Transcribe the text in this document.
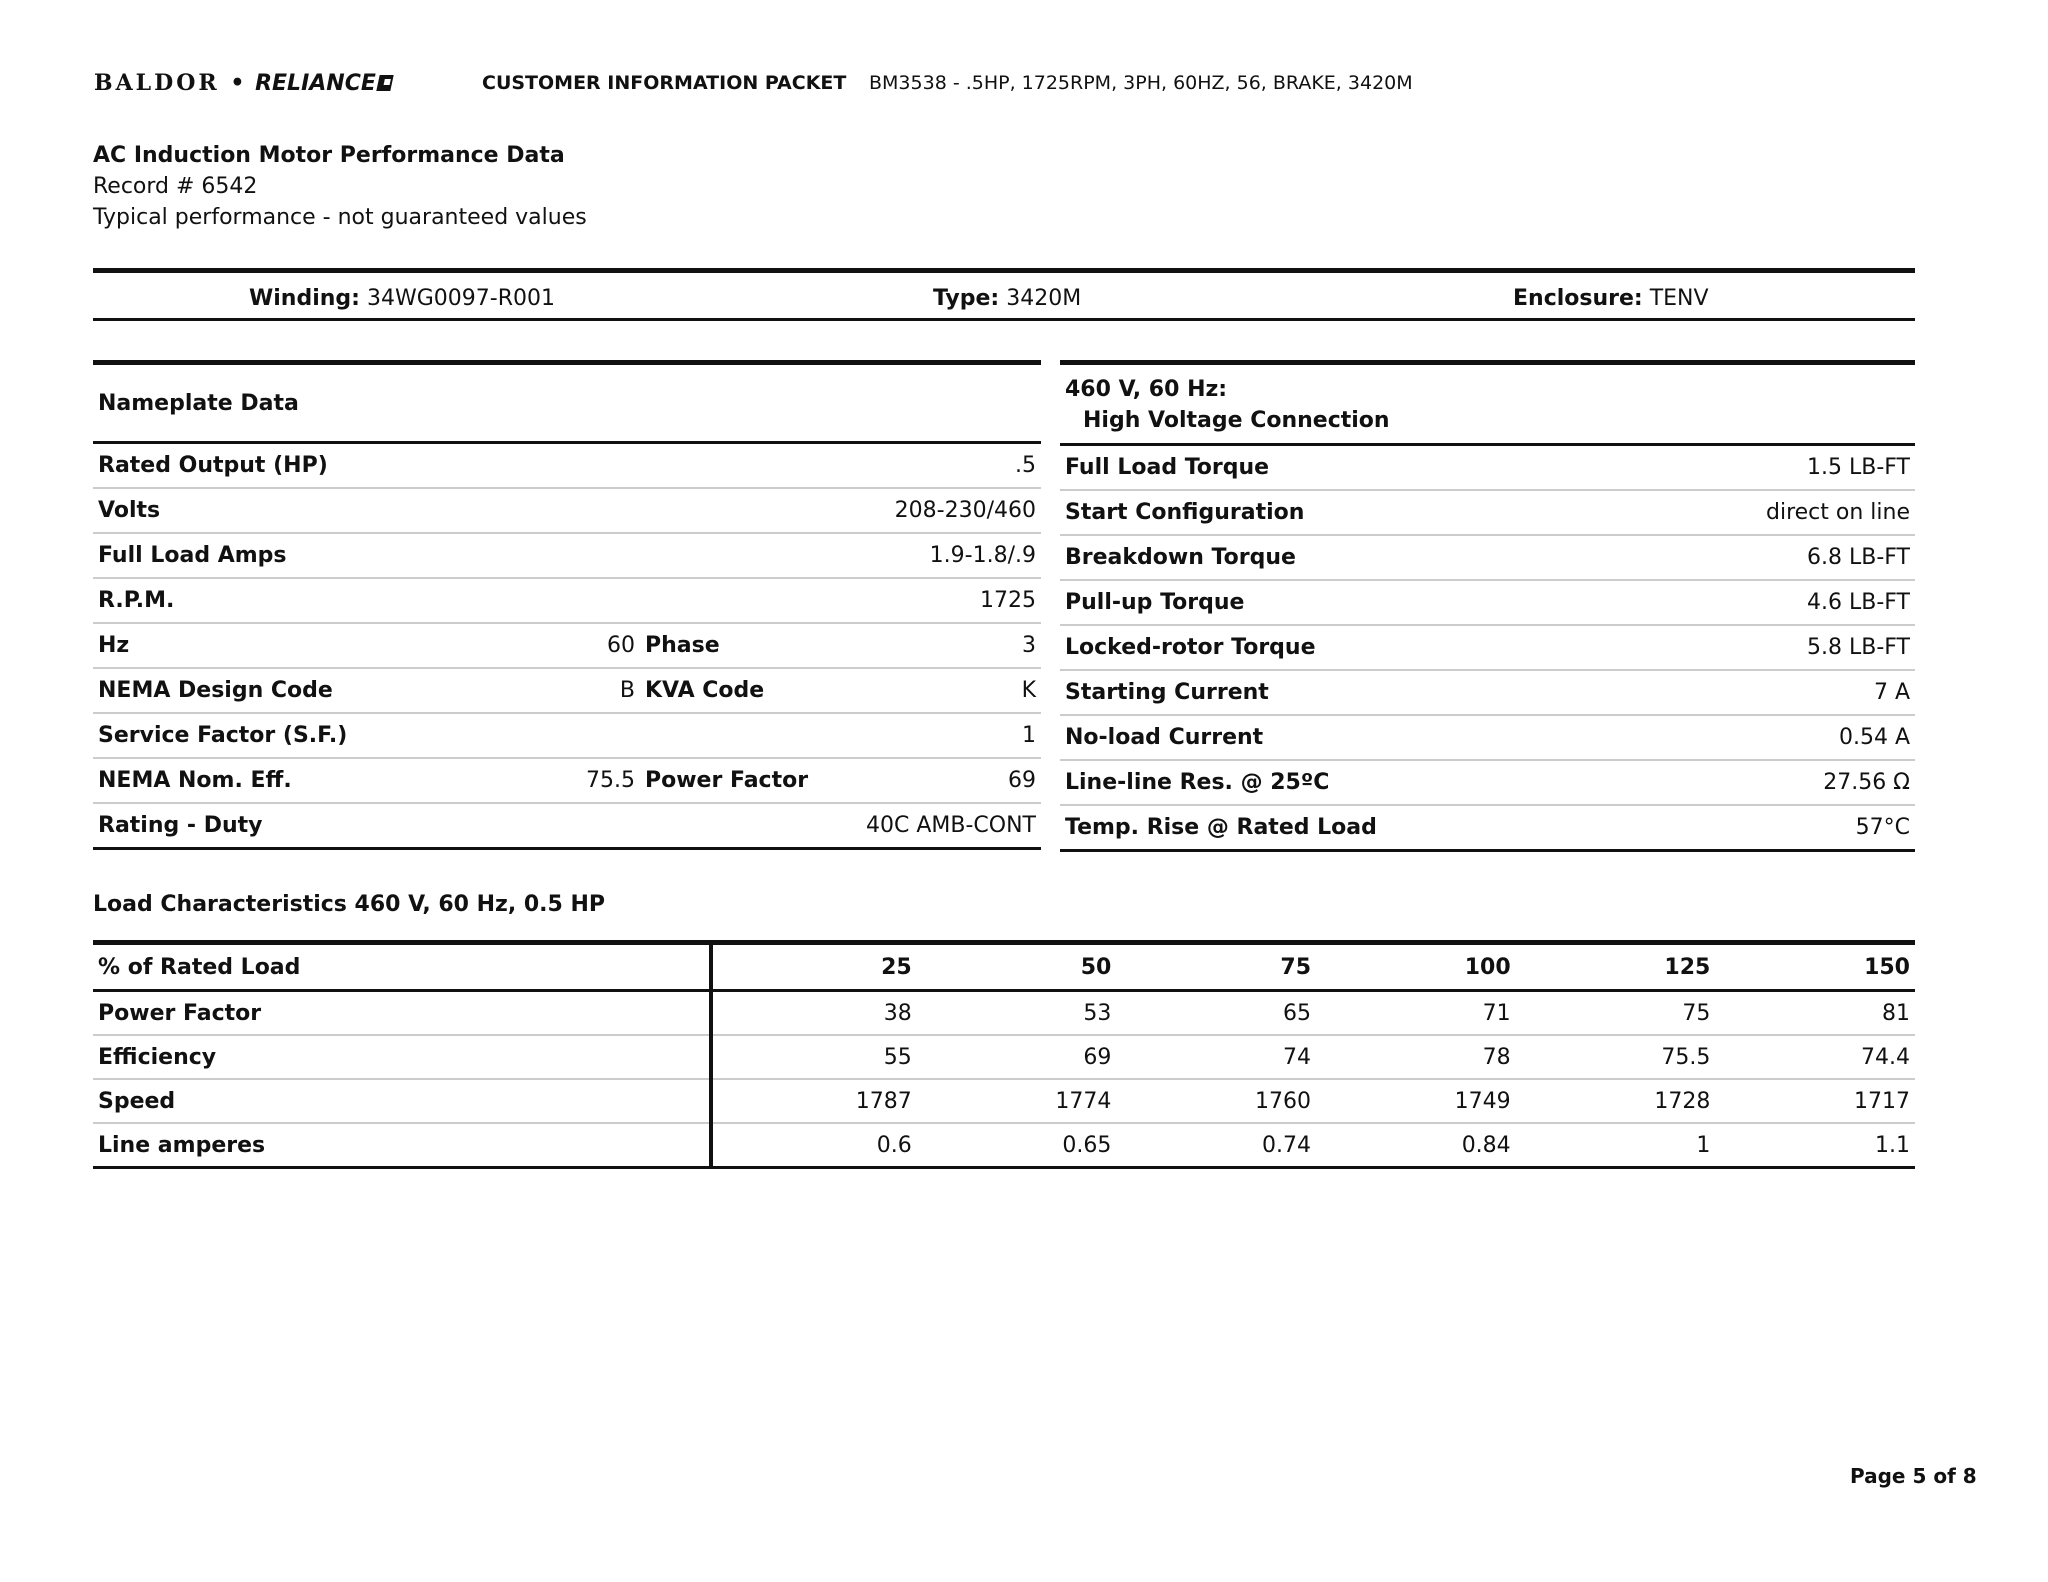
BALDOR • RELIANCE	CUSTOMER INFORMATION PACKET BM3538 - .5HP, 1725RPM, 3PH, 60HZ, 56, BRAKE, 3420M
AC Induction Motor Performance Data
Record # 6542
Typical performance - not guaranteed values
Winding: 34WG0097-R001	Type: 3420M	Enclosure: TENV
Nameplate Data			
Rated Output (HP)			.5
Volts			208-230/460
Full Load Amps			1.9-1.8/.9
R.P.M.			1725
Hz	60	Phase	3
NEMA Design Code	B	KVA Code	K
Service Factor (S.F.)			1
NEMA Nom. Eff.	75.5	Power Factor	69
Rating - Duty			40C AMB-CONT
460 V, 60 Hz:
High Voltage Connection	
Full Load Torque	1.5 LB-FT
Start Configuration	direct on line
Breakdown Torque	6.8 LB-FT
Pull-up Torque	4.6 LB-FT
Locked-rotor Torque	5.8 LB-FT
Starting Current	7 A
No-load Current	0.54 A
Line-line Res. @ 25ºC	27.56 Ω
Temp. Rise @ Rated Load	57°C
Load Characteristics 460 V, 60 Hz, 0.5 HP
% of Rated Load	25	50	75	100	125	150
Power Factor	38	53	65	71	75	81
Efficiency	55	69	74	78	75.5	74.4
Speed	1787	1774	1760	1749	1728	1717
Line amperes	0.6	0.65	0.74	0.84	1	1.1
Page 5 of 8
